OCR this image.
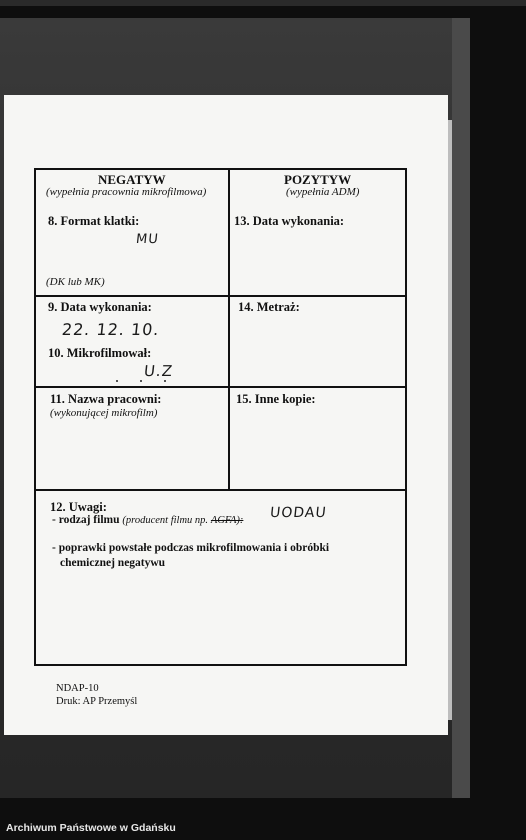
NEGATYW
(wypełnia pracownia mikrofilmowa)
POZYTYW
(wypełnia ADM)
8. Format klatki:
MU
(DK lub MK)
13. Data wykonania:
9. Data wykonania:
22. 12. 10.
10. Mikrofilmował:
U.Z
14. Metraż:
11. Nazwa pracowni:
(wykonującej mikrofilm)
15. Inne kopie:
12. Uwagi:
- rodzaj filmu (producent filmu np. AGFA): UODAU
- poprawki powstałe podczas mikrofilmowania i obróbki
chemicznej negatywu
NDAP-10
Druk: AP Przemyśl
Archiwum Państwowe w Gdańsku
